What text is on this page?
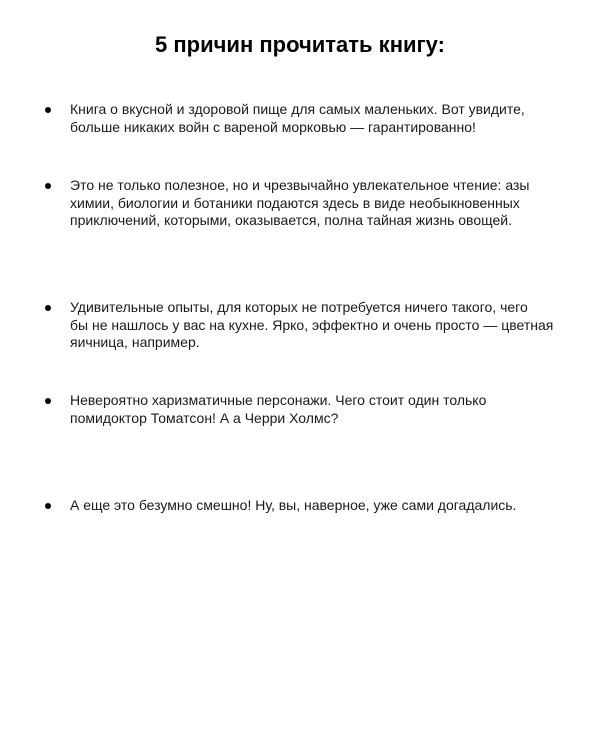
5 причин прочитать книгу:
Книга о вкусной и здоровой пище для самых маленьких. Вот увидите,
больше никаких войн с вареной морковью — гарантированно!
Это не только полезное, но и чрезвычайно увлекательное чтение: азы
химии, биологии и ботаники подаются здесь в виде необыкновенных
приключений, которыми, оказывается, полна тайная жизнь овощей.
Удивительные опыты, для которых не потребуется ничего такого, чего
бы не нашлось у вас на кухне. Ярко, эффектно и очень просто — цветная
яичница, например.
Невероятно харизматичные персонажи. Чего стоит один только
помидоктор Томатсон! А а Черри Холмс?
А еще это безумно смешно! Ну, вы, наверное, уже сами догадались.
